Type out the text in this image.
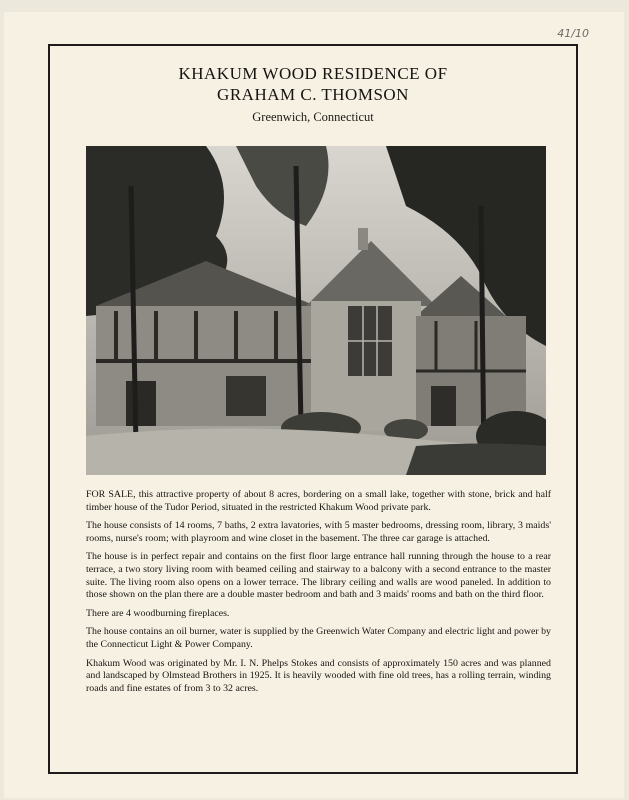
41/10
KHAKUM WOOD RESIDENCE OF
GRAHAM C. THOMSON
Greenwich, Connecticut

FOR SALE, this attractive property of about 8 acres, bordering on a small lake, together with stone, brick and half timber house of the Tudor Period, situated in the restricted Khakum Wood private park.

The house consists of 14 rooms, 7 baths, 2 extra lavatories, with 5 master bedrooms, dressing room, library, 3 maids' rooms, nurse's room; with playroom and wine closet in the basement. The three car garage is attached.

The house is in perfect repair and contains on the first floor large entrance hall running through the house to a rear terrace, a two story living room with beamed ceiling and stairway to a balcony with a second entrance to the master suite. The living room also opens on a lower terrace. The library ceiling and walls are wood paneled. In addition to those shown on the plan there are a double master bedroom and bath and 3 maids' rooms and bath on the third floor.

There are 4 woodburning fireplaces.

The house contains an oil burner, water is supplied by the Greenwich Water Company and electric light and power by the Connecticut Light & Power Company.

Khakum Wood was originated by Mr. I. N. Phelps Stokes and consists of approximately 150 acres and was planned and landscaped by Olmstead Brothers in 1925. It is heavily wooded with fine old trees, has a rolling terrain, winding roads and fine estates of from 3 to 32 acres.
